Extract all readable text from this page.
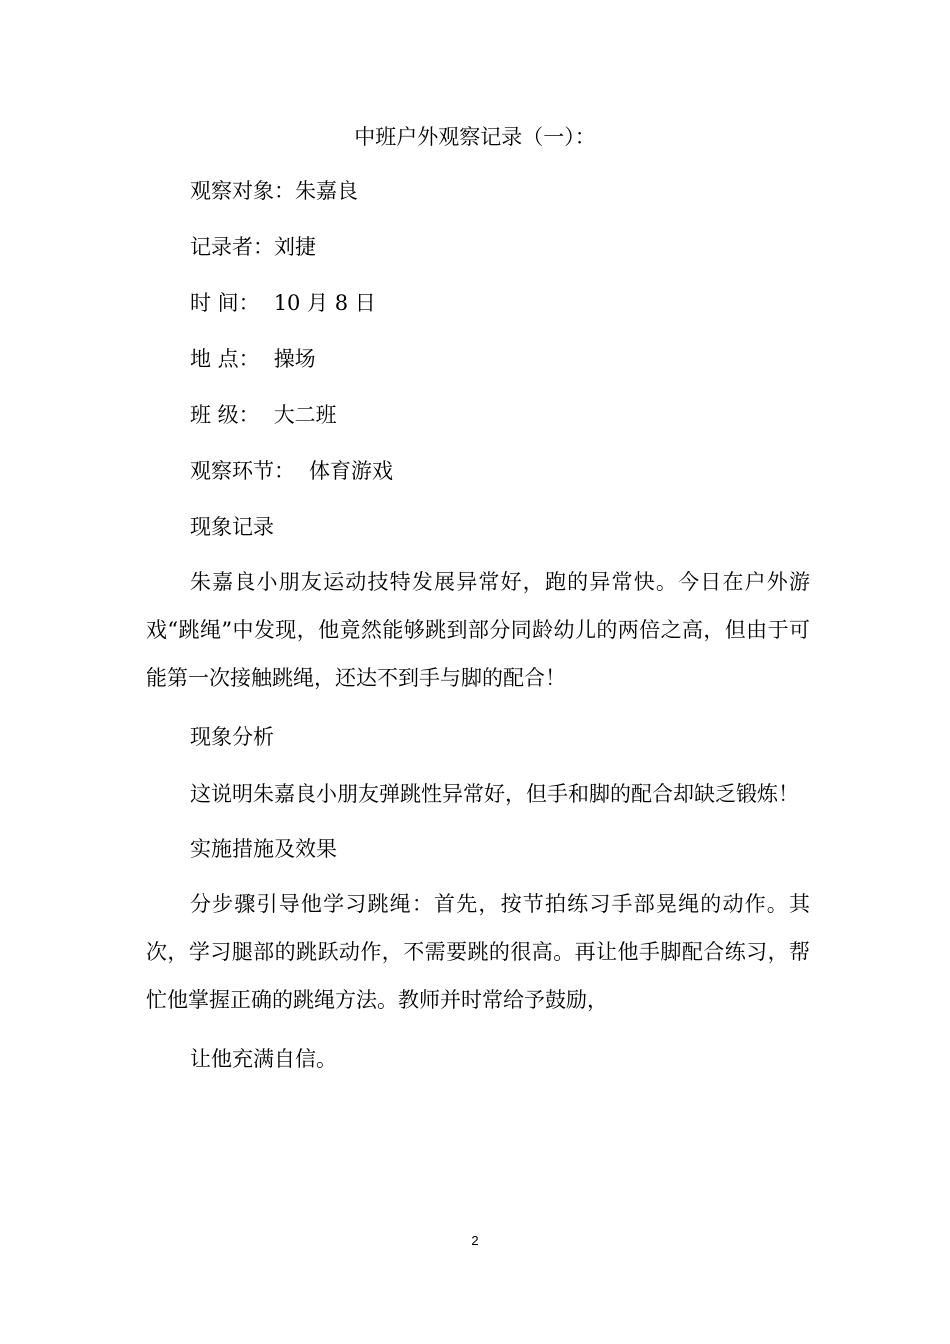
中班户外观察记录（一）：
观察对象：朱嘉良
记录者：刘捷
时 间： 10 月 8 日
地 点： 操场
班 级： 大二班
观察环节： 体育游戏
现象记录
朱嘉良小朋友运动技特发展异常好，跑的异常快。今日在户外游戏“跳绳”中发现，他竟然能够跳到部分同龄幼儿的两倍之高，但由于可能第一次接触跳绳，还达不到手与脚的配合！
现象分析
这说明朱嘉良小朋友弹跳性异常好，但手和脚的配合却缺乏锻炼！
实施措施及效果
分步骤引导他学习跳绳：首先，按节拍练习手部晃绳的动作。其次，学习腿部的跳跃动作，不需要跳的很高。再让他手脚配合练习，帮忙他掌握正确的跳绳方法。教师并时常给予鼓励，
让他充满自信。
2
